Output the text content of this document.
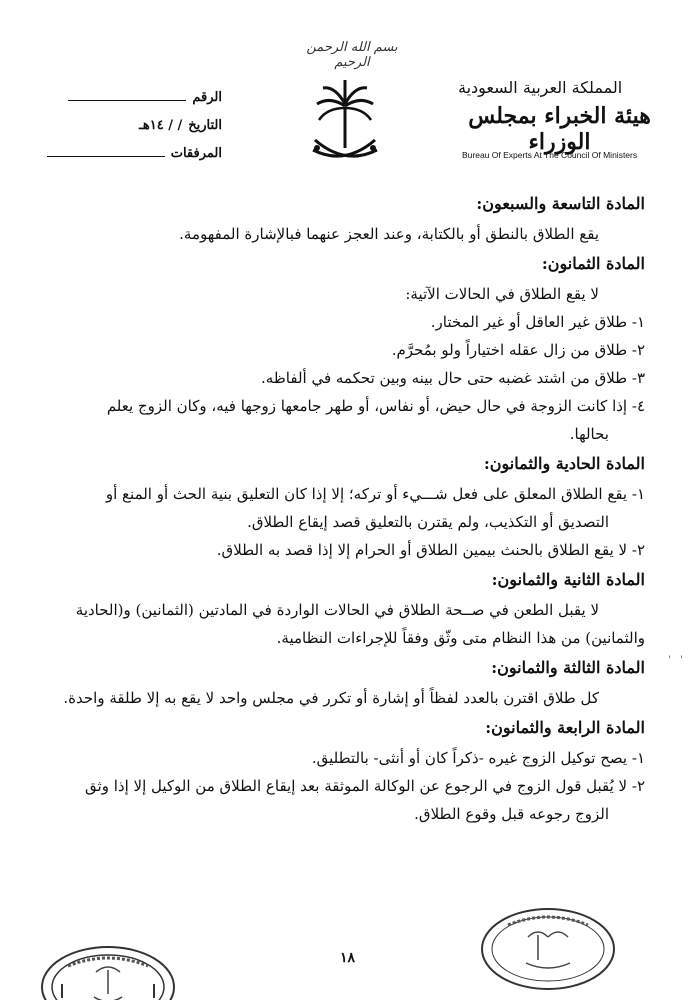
بسم الله الرحمن الرحيم
المملكة العربية السعودية
هيئة الخبراء بمجلس الوزراء
Bureau Of Experts At The Council Of Ministers
الرقم
التاريخ
/ / ١٤هـ
المرفقات

المادة التاسعة والسبعون:

يقع الطلاق بالنطق أو بالكتابة، وعند العجز عنهما فبالإشارة المفهومة.

المادة الثمانون:

لا يقع الطلاق في الحالات الآتية:

١- طلاق غير العاقل أو غير المختار.

٢- طلاق من زال عقله اختياراً ولو بمُحرَّم.

٣- طلاق من اشتد غضبه حتى حال بينه وبين تحكمه في ألفاظه.

٤- إذا كانت الزوجة في حال حيض، أو نفاس، أو طهر جامعها زوجها فيه، وكان الزوج يعلم

بحالها.

المادة الحادية والثمانون:

١- يقع الطلاق المعلق على فعل شـــيء أو تركه؛ إلا إذا كان التعليق بنية الحث أو المنع أو

التصديق أو التكذيب، ولم يقترن بالتعليق قصد إيقاع الطلاق.

٢- لا يقع الطلاق بالحنث بيمين الطلاق أو الحرام إلا إذا قصد به الطلاق.

المادة الثانية والثمانون:

لا يقبل الطعن في صــحة الطلاق في الحالات الواردة في المادتين (الثمانين) و(الحادية

والثمانين) من هذا النظام متى وثّق وفقاً للإجراءات النظامية.

المادة الثالثة والثمانون:

كل طلاق اقترن بالعدد لفظاً أو إشارة أو تكرر في مجلس واحد لا يقع به إلا طلقة واحدة.

المادة الرابعة والثمانون:

١- يصح توكيل الزوج غيره -ذكراً كان أو أنثى- بالتطليق.

٢- لا يُقبل قول الزوج في الرجوع عن الوكالة الموثقة بعد إيقاع الطلاق من الوكيل إلا إذا وثق

الزوج رجوعه قبل وقوع الطلاق.

'   '
١٨
